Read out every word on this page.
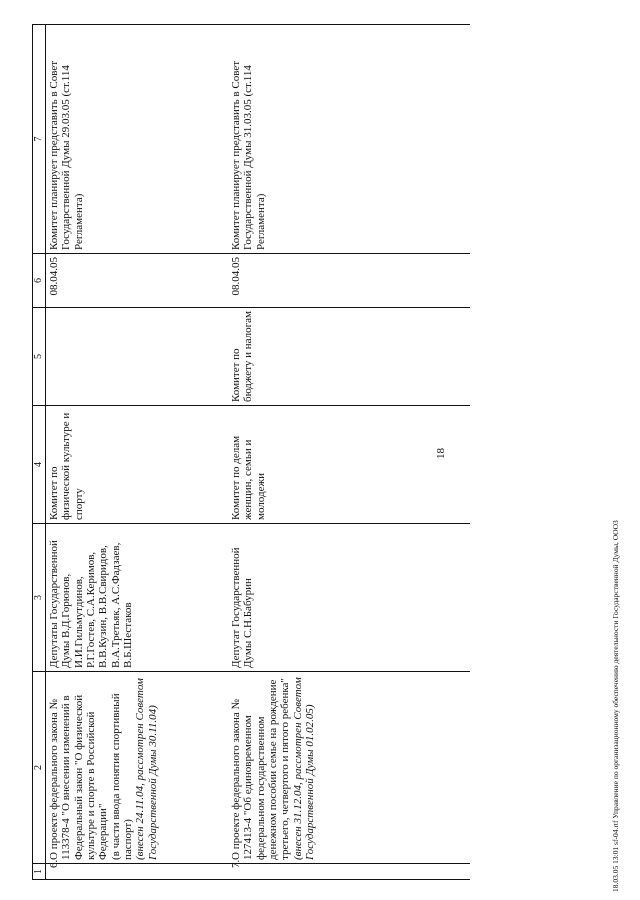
18
1	2	3	4	5	6	7

6.	О проекте федерального закона № 113378-4 "О внесении изменений в Федеральный закон "О физической культуре и спорте в Российской Федерации" (в части ввода понятия спортивный паспорт) (внесен 24.11.04, рассмотрен Советом Государственной Думы 30.11.04)	Депутаты Государственной Думы В.Д.Горюнов, И.И.Гильмутдинов, Р.Г.Гостев, С.А.Керимов, В.В.Кузин, В.В.Свиридов, В.А.Третьяк, А.С.Фадзаев, В.Б.Шестаков	Комитет по физической культуре и спорту		08.04.05	Комитет планирует представить в Совет Государственной Думы 29.03.05 (ст.114 Регламента)

7.	О проекте федерального закона № 127413-4 "Об единовременном федеральном государственном денежном пособии семье на рождение третьего, четвертого и пятого ребенка" (внесен 31.12.04, рассмотрен Советом Государственной Думы 01.02.05)	Депутат Государственной Думы С.Н.Бабурин	Комитет по делам женщин, семьи и молодежи	Комитет по бюджету и налогам	08.04.05	Комитет планирует представить в Совет Государственной Думы 31.03.05 (ст.114 Регламента)
18.03.05 13:01 sf-04.rtf Управление по организационному обеспечению деятельности Государственной Думы, ООО3
